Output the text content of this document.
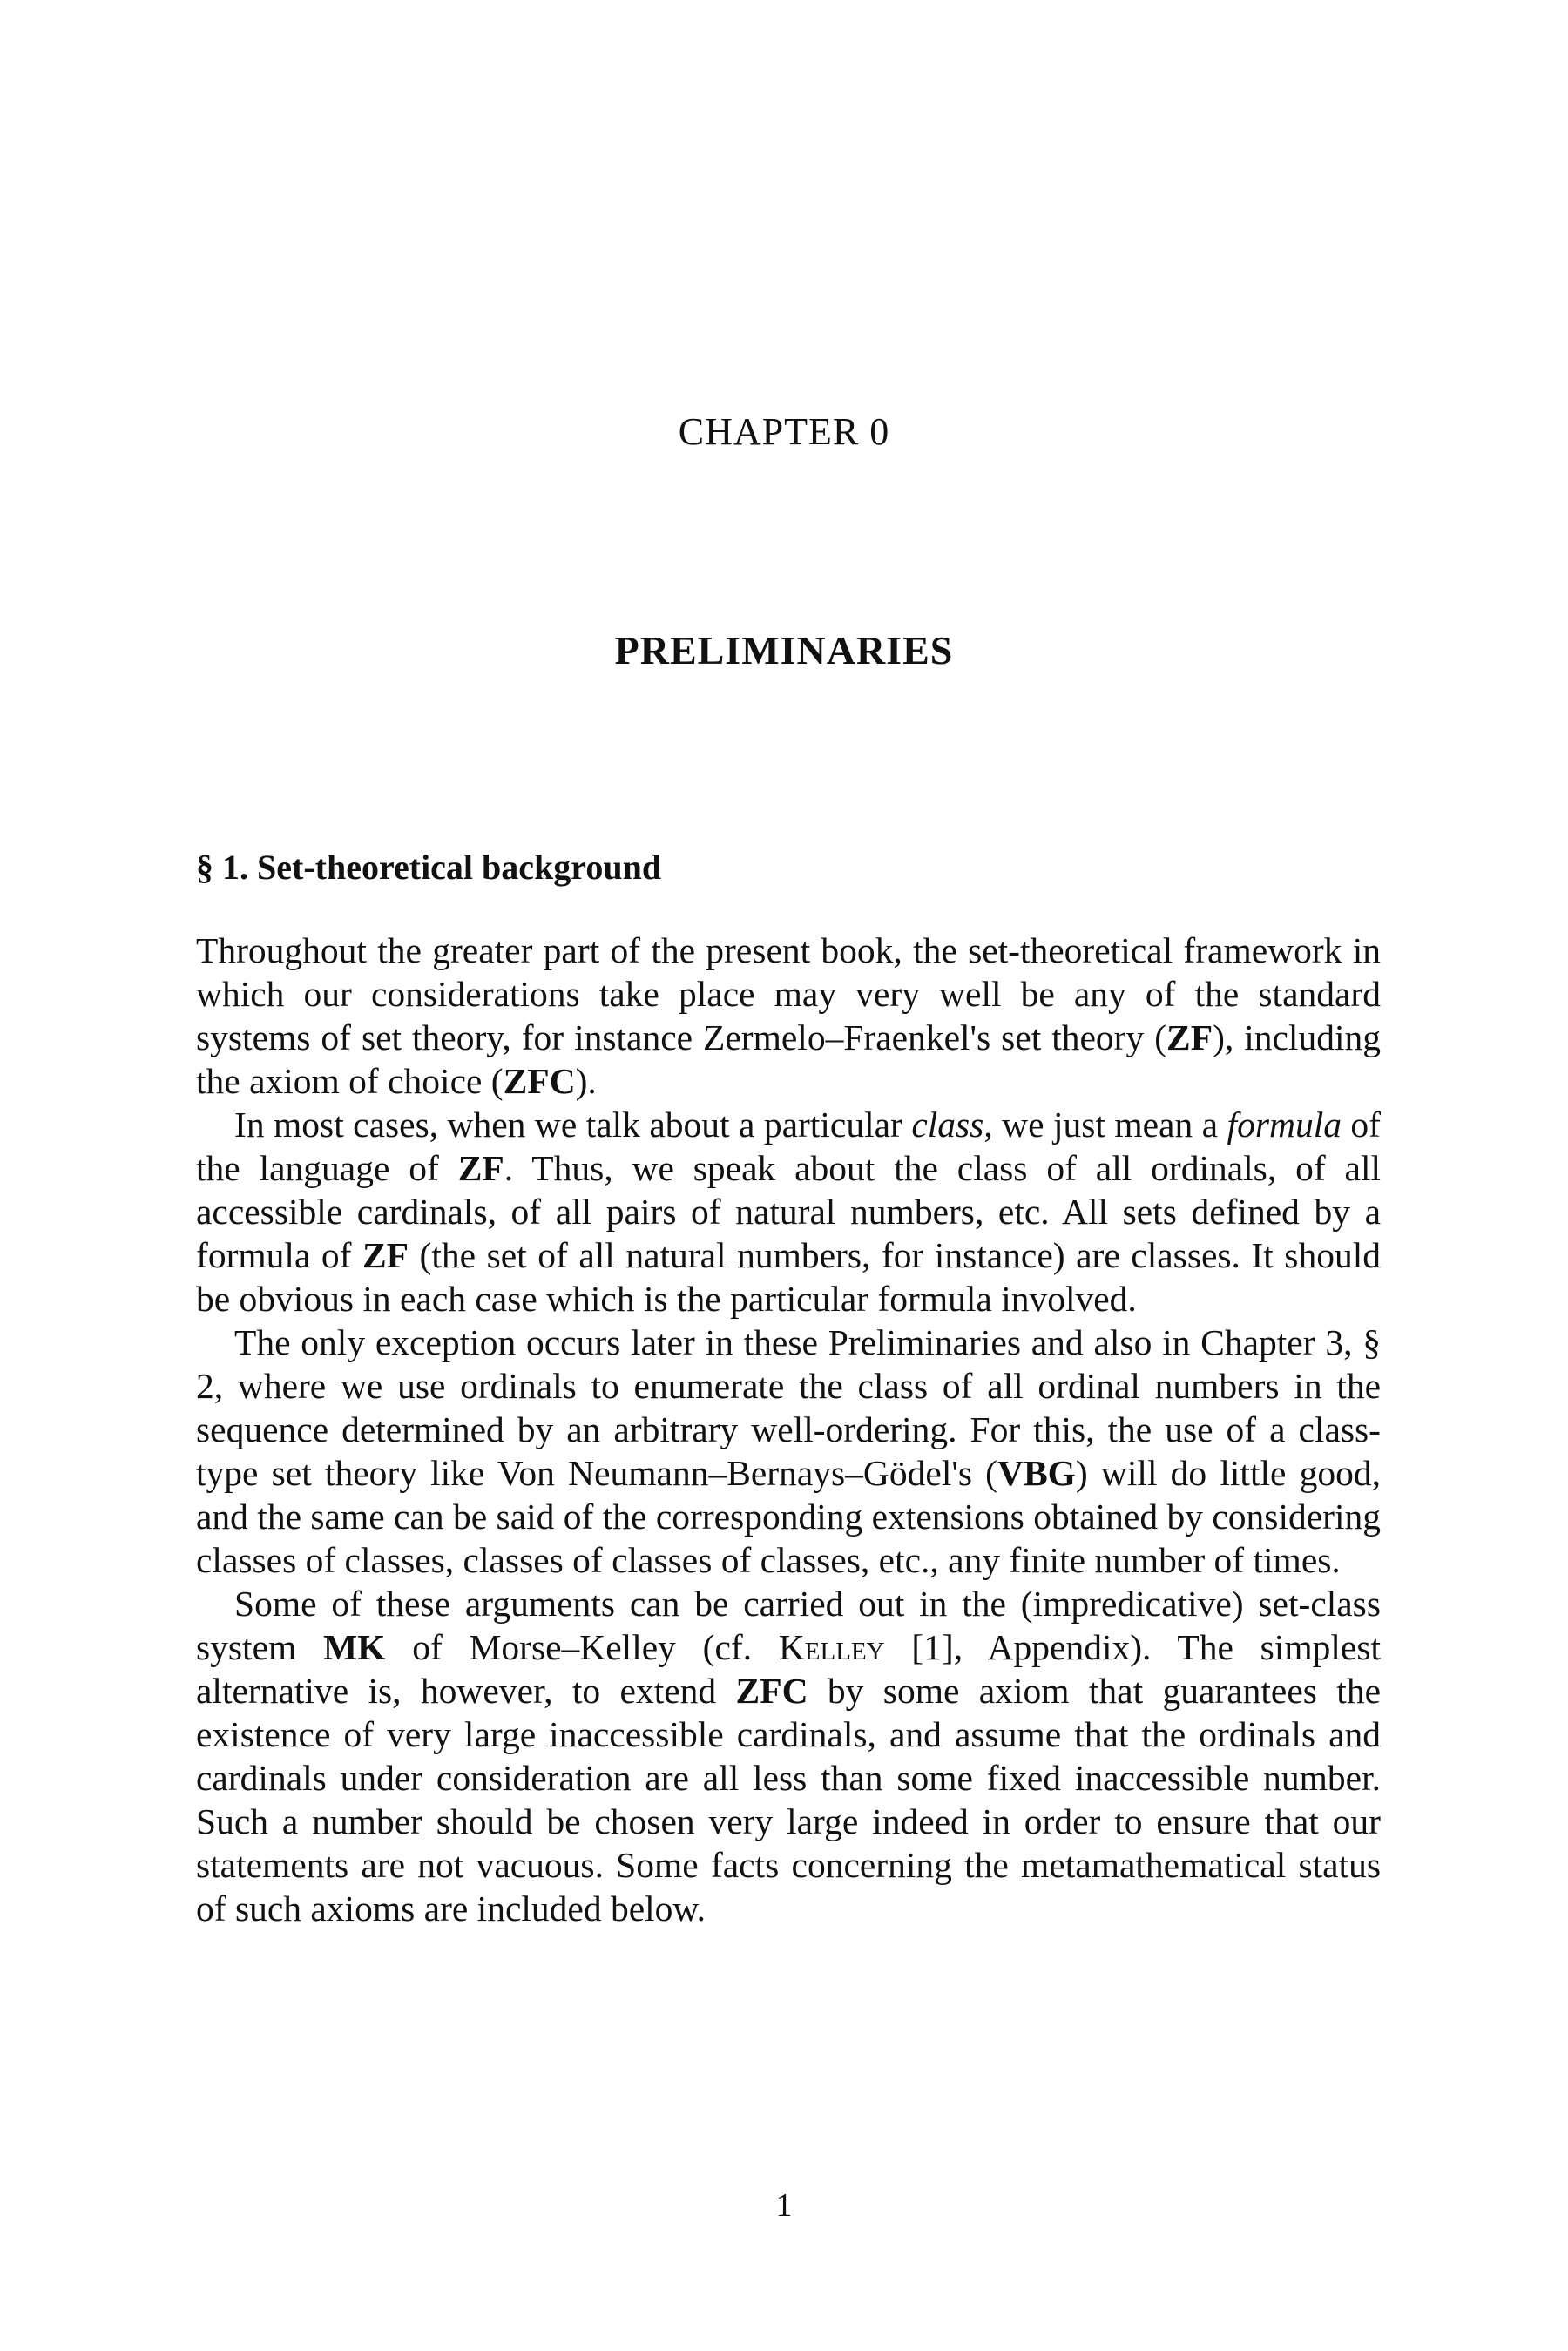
CHAPTER 0
PRELIMINARIES
§ 1. Set-theoretical background

Throughout the greater part of the present book, the set-theoretical framework in which our considerations take place may very well be any of the standard systems of set theory, for instance Zermelo–Fraenkel's set theory (ZF), including the axiom of choice (ZFC).

In most cases, when we talk about a particular class, we just mean a formula of the language of ZF. Thus, we speak about the class of all ordinals, of all accessible cardinals, of all pairs of natural numbers, etc. All sets defined by a formula of ZF (the set of all natural numbers, for instance) are classes. It should be obvious in each case which is the particular formula involved.

The only exception occurs later in these Preliminaries and also in Chapter 3, § 2, where we use ordinals to enumerate the class of all ordinal numbers in the sequence determined by an arbitrary well-ordering. For this, the use of a class-type set theory like Von Neumann–Bernays–Gödel's (VBG) will do little good, and the same can be said of the corresponding extensions obtained by considering classes of classes, classes of classes of classes, etc., any finite number of times.

Some of these arguments can be carried out in the (impredicative) set-class system MK of Morse–Kelley (cf. Kelley [1], Appendix). The simplest alternative is, however, to extend ZFC by some axiom that guarantees the existence of very large inaccessible cardinals, and assume that the ordinals and cardinals under consideration are all less than some fixed inaccessible number. Such a number should be chosen very large indeed in order to ensure that our statements are not vacuous. Some facts concerning the metamathematical status of such axioms are included below.

1
